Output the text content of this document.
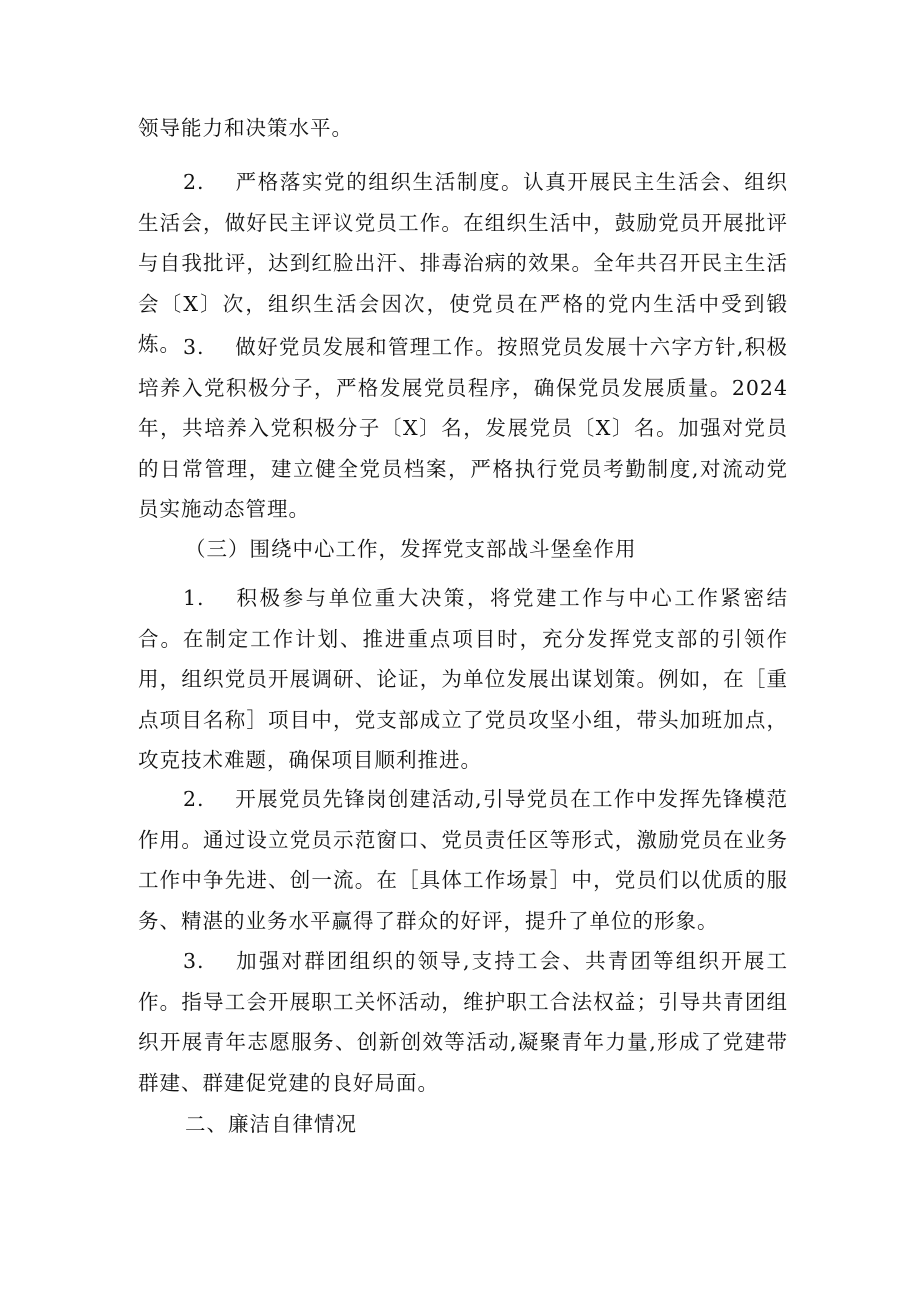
领导能力和决策水平。

2. 严格落实党的组织生活制度。认真开展民主生活会、组织生活会，做好民主评议党员工作。在组织生活中，鼓励党员开展批评与自我批评，达到红脸出汗、排毒治病的效果。全年共召开民主生活会〔X〕次，组织生活会因次，使党员在严格的党内生活中受到锻炼。 3. 做好党员发展和管理工作。按照党员发展十六字方针,积极培养入党积极分子，严格发展党员程序，确保党员发展质量。2024年，共培养入党积极分子〔X〕名，发展党员〔X〕名。加强对党员的日常管理，建立健全党员档案，严格执行党员考勤制度,对流动党员实施动态管理。

（三）围绕中心工作，发挥党支部战斗堡垒作用

1. 积极参与单位重大决策，将党建工作与中心工作紧密结合。在制定工作计划、推进重点项目时，充分发挥党支部的引领作用，组织党员开展调研、论证，为单位发展出谋划策。例如，在［重点项目名称］项目中，党支部成立了党员攻坚小组，带头加班加点，攻克技术难题，确保项目顺利推进。

2. 开展党员先锋岗创建活动,引导党员在工作中发挥先锋模范作用。通过设立党员示范窗口、党员责任区等形式，激励党员在业务工作中争先进、创一流。在［具体工作场景］中，党员们以优质的服务、精湛的业务水平赢得了群众的好评，提升了单位的形象。

3. 加强对群团组织的领导,支持工会、共青团等组织开展工作。指导工会开展职工关怀活动，维护职工合法权益；引导共青团组织开展青年志愿服务、创新创效等活动,凝聚青年力量,形成了党建带群建、群建促党建的良好局面。

二、廉洁自律情况
